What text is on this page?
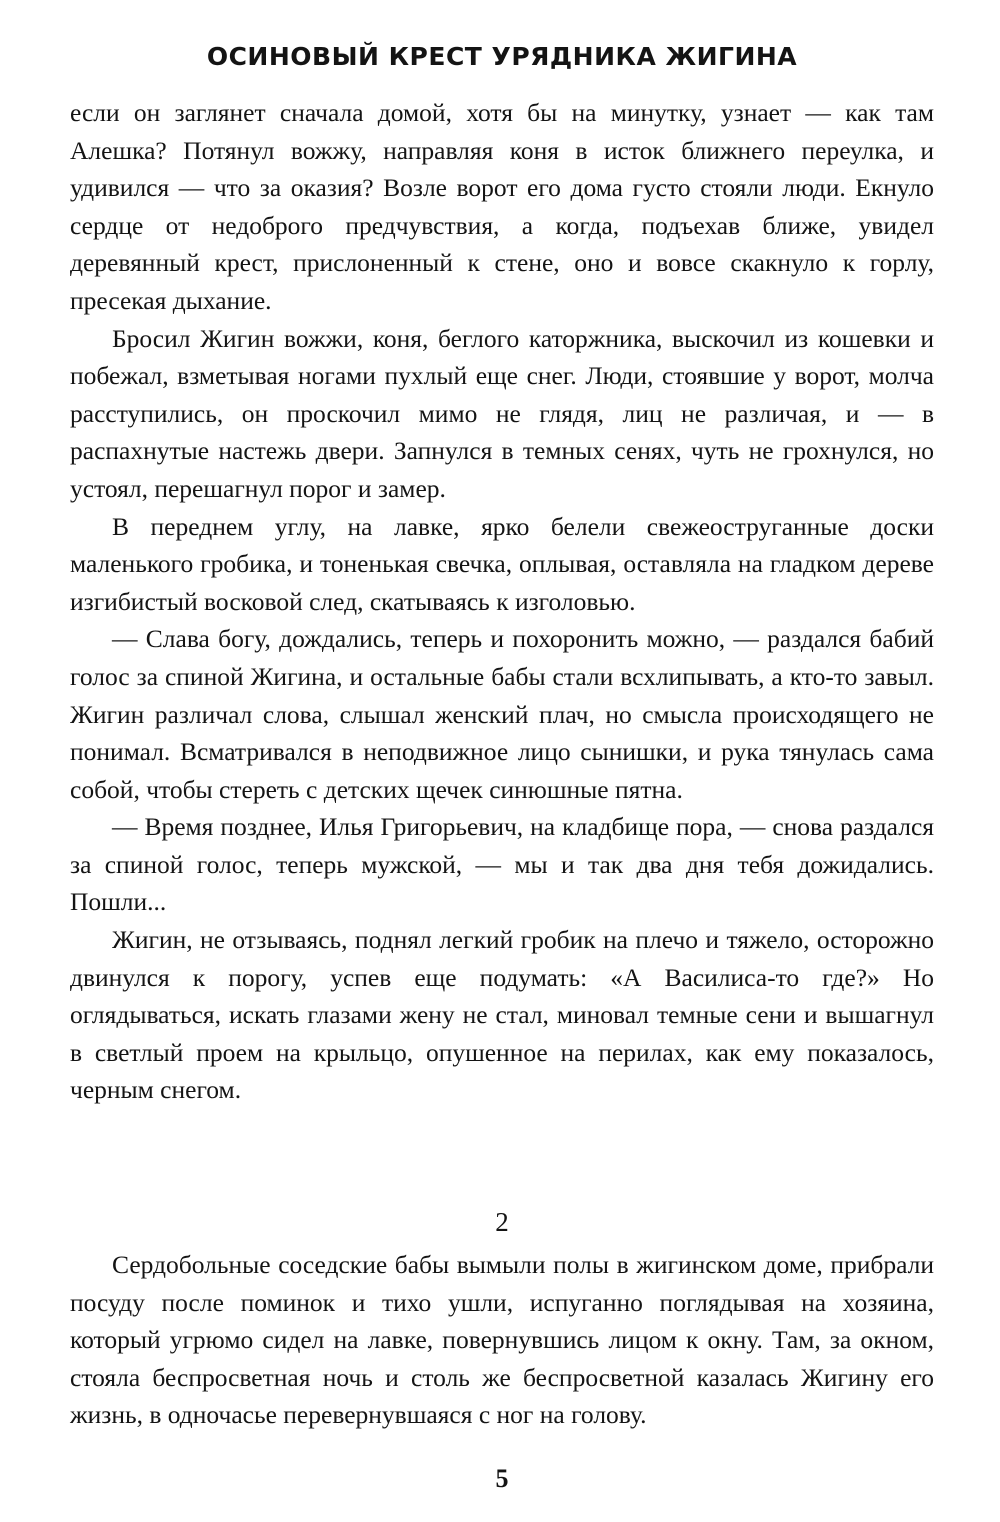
ОСИНОВЫЙ КРЕСТ УРЯДНИКА ЖИГИНА

если он заглянет сначала домой, хотя бы на минутку, узнает — как там Алешка? Потянул вожжу, направляя коня в исток ближнего переулка, и удивился — что за оказия? Возле ворот его дома густо стояли люди. Екнуло сердце от недоброго предчувствия, а когда, подъехав ближе, увидел деревянный крест, прислоненный к стене, оно и вовсе скакнуло к горлу, пресекая дыхание.

Бросил Жигин вожжи, коня, беглого каторжника, выскочил из кошевки и побежал, взметывая ногами пухлый еще снег. Люди, стоявшие у ворот, молча расступились, он проскочил мимо не глядя, лиц не различая, и — в распахнутые настежь двери. Запнулся в темных сенях, чуть не грохнулся, но устоял, перешагнул порог и замер.

В переднем углу, на лавке, ярко белели свежеоструганные доски маленького гробика, и тоненькая свечка, оплывая, оставляла на гладком дереве изгибистый восковой след, скатываясь к изголовью.

— Слава богу, дождались, теперь и похоронить можно, — раздался бабий голос за спиной Жигина, и остальные бабы стали всхлипывать, а кто-то завыл. Жигин различал слова, слышал женский плач, но смысла происходящего не понимал. Всматривался в неподвижное лицо сынишки, и рука тянулась сама собой, чтобы стереть с детских щечек синюшные пятна.

— Время позднее, Илья Григорьевич, на кладбище пора, — снова раздался за спиной голос, теперь мужской, — мы и так два дня тебя дожидались. Пошли...

Жигин, не отзываясь, поднял легкий гробик на плечо и тяжело, осторожно двинулся к порогу, успев еще подумать: «А Василиса-то где?» Но оглядываться, искать глазами жену не стал, миновал темные сени и вышагнул в светлый проем на крыльцо, опушенное на перилах, как ему показалось, черным снегом.

2

Сердобольные соседские бабы вымыли полы в жигинском доме, прибрали посуду после поминок и тихо ушли, испуганно поглядывая на хозяина, который угрюмо сидел на лавке, повернувшись лицом к окну. Там, за окном, стояла беспросветная ночь и столь же беспросветной казалась Жигину его жизнь, в одночасье перевернувшаяся с ног на голову.

5
